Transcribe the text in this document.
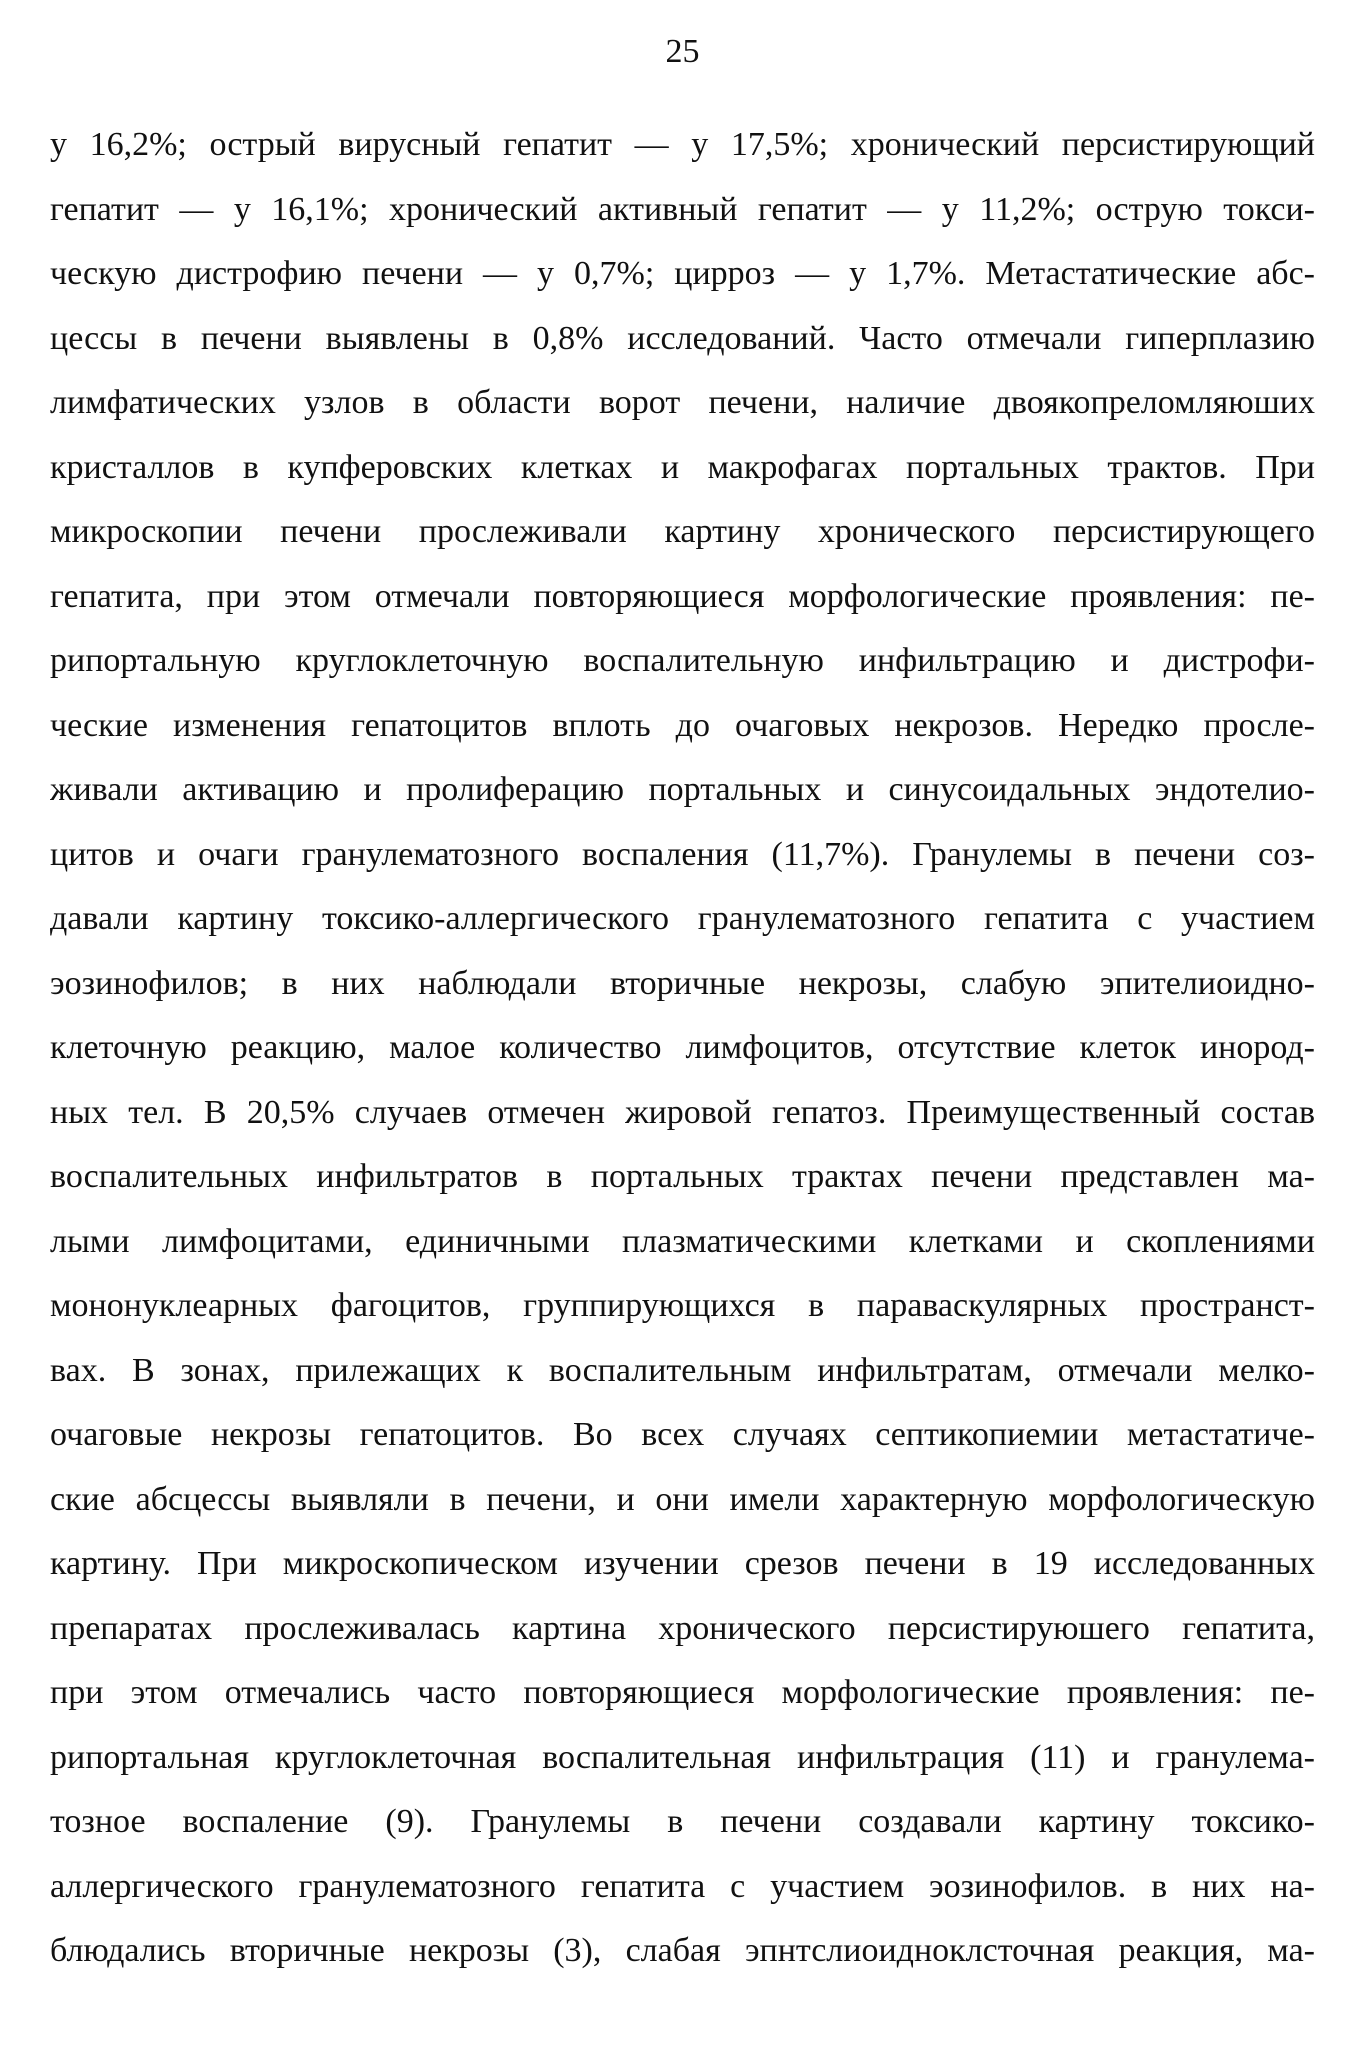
25
у 16,2%; острый вирусный гепатит — у 17,5%; хронический персистирующий
гепатит — у 16,1%; хронический активный гепатит — у 11,2%; острую токси-
ческую дистрофию печени — у 0,7%; цирроз — у 1,7%. Метастатические абс-
цессы в печени выявлены в 0,8% исследований. Часто отмечали гиперплазию
лимфатических узлов в области ворот печени, наличие двоякопреломляюших
кристаллов в купферовских клетках и макрофагах портальных трактов. При
микроскопии печени прослеживали картину хронического персистирующего
гепатита, при этом отмечали повторяющиеся морфологические проявления: пе-
рипортальную круглоклеточную воспалительную инфильтрацию и дистрофи-
ческие изменения гепатоцитов вплоть до очаговых некрозов. Нередко просле-
живали активацию и пролиферацию портальных и синусоидальных эндотелио-
цитов и очаги гранулематозного воспаления (11,7%). Гранулемы в печени соз-
давали картину токсико-аллергического гранулематозного гепатита с участием
эозинофилов; в них наблюдали вторичные некрозы, слабую эпителиоидно-
клеточную реакцию, малое количество лимфоцитов, отсутствие клеток инород-
ных тел. В 20,5% случаев отмечен жировой гепатоз. Преимущественный состав
воспалительных инфильтратов в портальных трактах печени представлен ма-
лыми лимфоцитами, единичными плазматическими клетками и скоплениями
мононуклеарных фагоцитов, группирующихся в параваскулярных пространст-
вах. В зонах, прилежащих к воспалительным инфильтратам, отмечали мелко-
очаговые некрозы гепатоцитов. Во всех случаях септикопиемии метастатиче-
ские абсцессы выявляли в печени, и они имели характерную морфологическую
картину. При микроскопическом изучении срезов печени в 19 исследованных
препаратах прослеживалась картина хронического персистируюшего гепатита,
при этом отмечались часто повторяющиеся морфологические проявления: пе-
рипортальная круглоклеточная воспалительная инфильтрация (11) и гранулема-
тозное воспаление (9). Гранулемы в печени создавали картину токсико-
аллергического гранулематозного гепатита с участием эозинофилов. в них на-
блюдались вторичные некрозы (3), слабая эпнтслиоидноклсточная реакция, ма-
